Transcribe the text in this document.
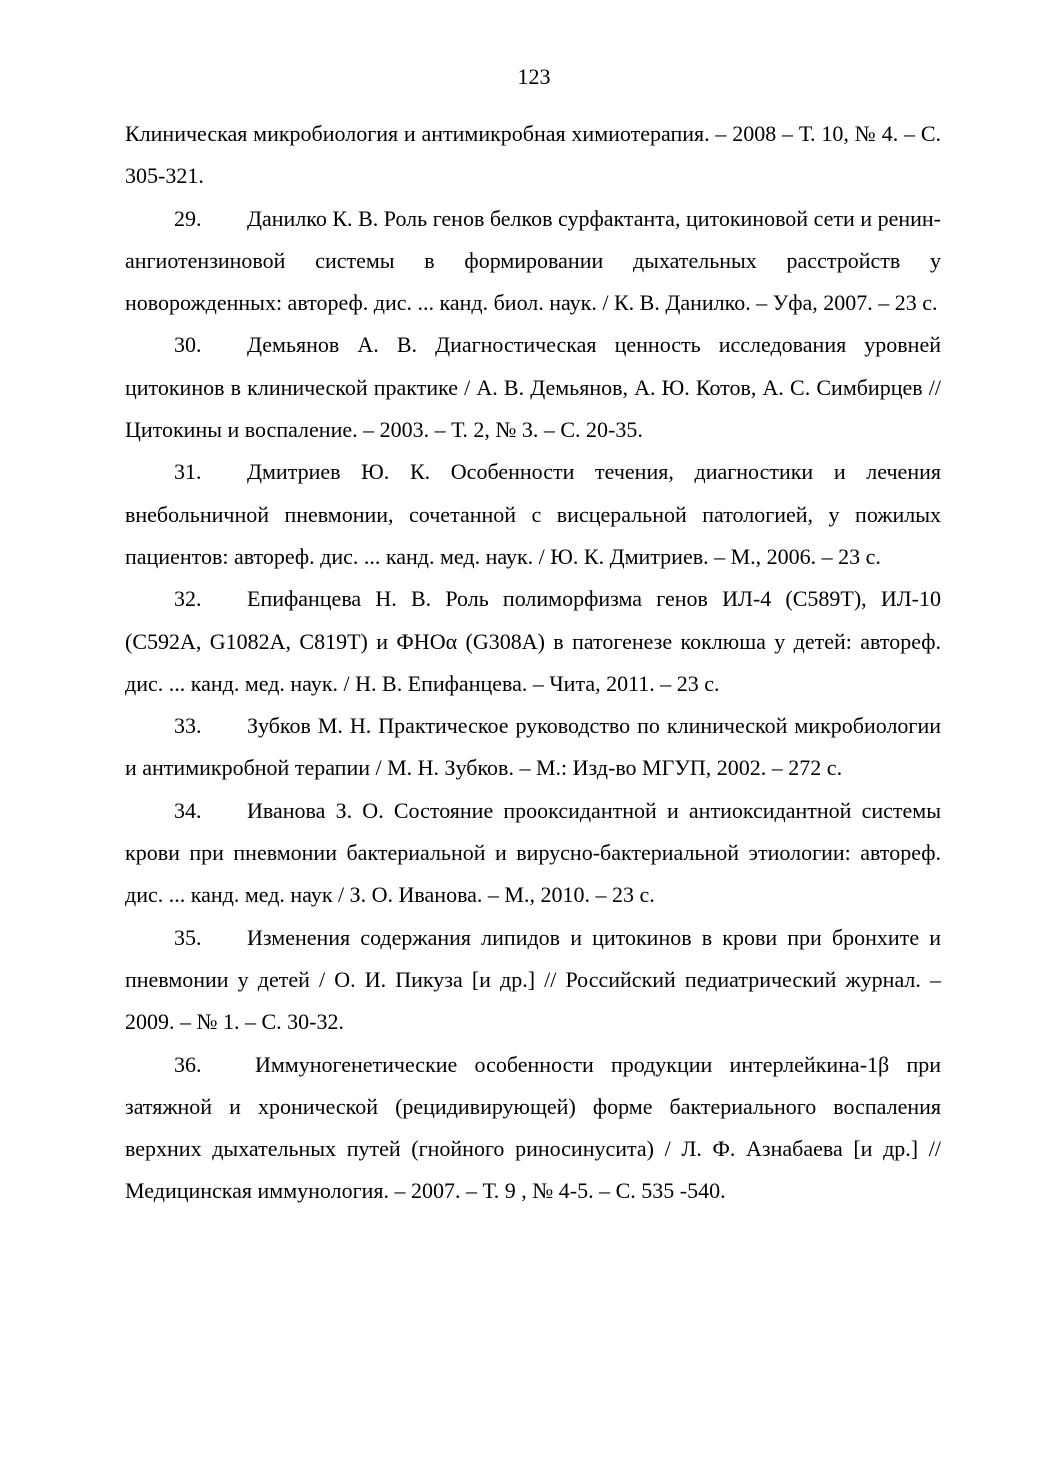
123

Клиническая микробиология и антимикробная химиотерапия. – 2008 – Т. 10, № 4. – С. 305-321.

29. Данилко К. В. Роль генов белков сурфактанта, цитокиновой сети и ренин-ангиотензиновой системы в формировании дыхательных расстройств у новорожденных: автореф. дис. ... канд. биол. наук. / К. В. Данилко. – Уфа, 2007. – 23 с.

30. Демьянов А. В. Диагностическая ценность исследования уровней цитокинов в клинической практике / А. В. Демьянов, А. Ю. Котов, А. С. Симбирцев // Цитокины и воспаление. – 2003. – Т. 2, № 3. – С. 20-35.

31. Дмитриев Ю. К. Особенности течения, диагностики и лечения внебольничной пневмонии, сочетанной с висцеральной патологией, у пожилых пациентов: автореф. дис. ... канд. мед. наук. / Ю. К. Дмитриев. – М., 2006. – 23 с.

32. Епифанцева Н. В. Роль полиморфизма генов ИЛ-4 (C589T), ИЛ-10 (C592A, G1082A, C819T) и ФНОα (G308A) в патогенезе коклюша у детей: автореф. дис. ... канд. мед. наук. / Н. В. Епифанцева. – Чита, 2011. – 23 с.

33. Зубков М. Н. Практическое руководство по клинической микробиологии и антимикробной терапии / М. Н. Зубков. – М.: Изд-во МГУП, 2002. – 272 с.

34. Иванова З. О. Состояние прооксидантной и антиоксидантной системы крови при пневмонии бактериальной и вирусно-бактериальной этиологии: автореф. дис. ... канд. мед. наук / З. О. Иванова. – М., 2010. – 23 с.

35. Изменения содержания липидов и цитокинов в крови при бронхите и пневмонии у детей / О. И. Пикуза [и др.] // Российский педиатрический журнал. – 2009. – № 1. – С. 30-32.

36. Иммуногенетические особенности продукции интерлейкина-1β при затяжной и хронической (рецидивирующей) форме бактериального воспаления верхних дыхательных путей (гнойного риносинусита) / Л. Ф. Азнабаева [и др.] // Медицинская иммунология. – 2007. – Т. 9 , № 4-5. – С. 535 -540.
